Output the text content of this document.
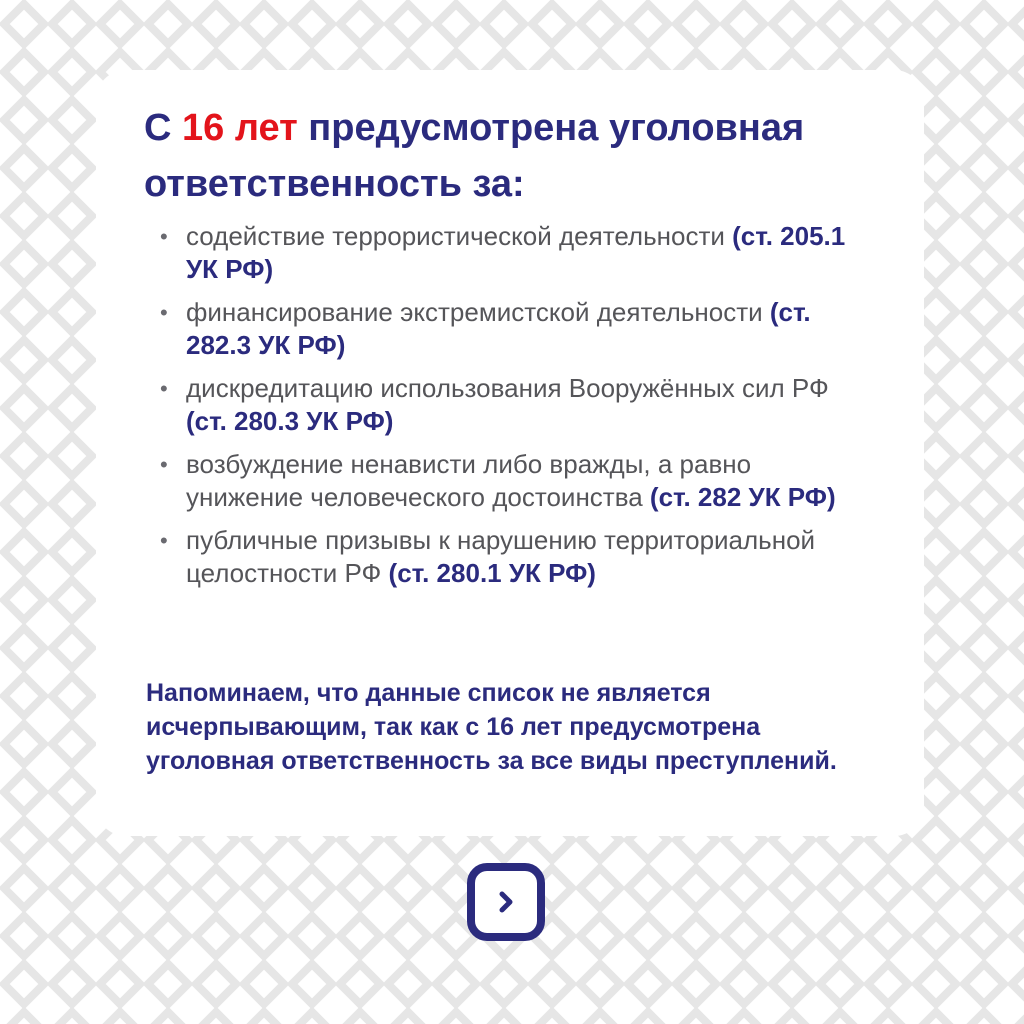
С 16 лет предусмотрена уголовная ответственность за:
• содействие террористической деятельности (ст. 205.1 УК РФ)
• финансирование экстремистской деятельности (ст. 282.3 УК РФ)
• дискредитацию использования Вооружённых сил РФ (ст. 280.3 УК РФ)
• возбуждение ненависти либо вражды, а равно унижение человеческого достоинства (ст. 282 УК РФ)
• публичные призывы к нарушению территориальной целостности РФ (ст. 280.1 УК РФ)

Напоминаем, что данные список не является исчерпывающим, так как с 16 лет предусмотрена уголовная ответственность за все виды преступлений.
